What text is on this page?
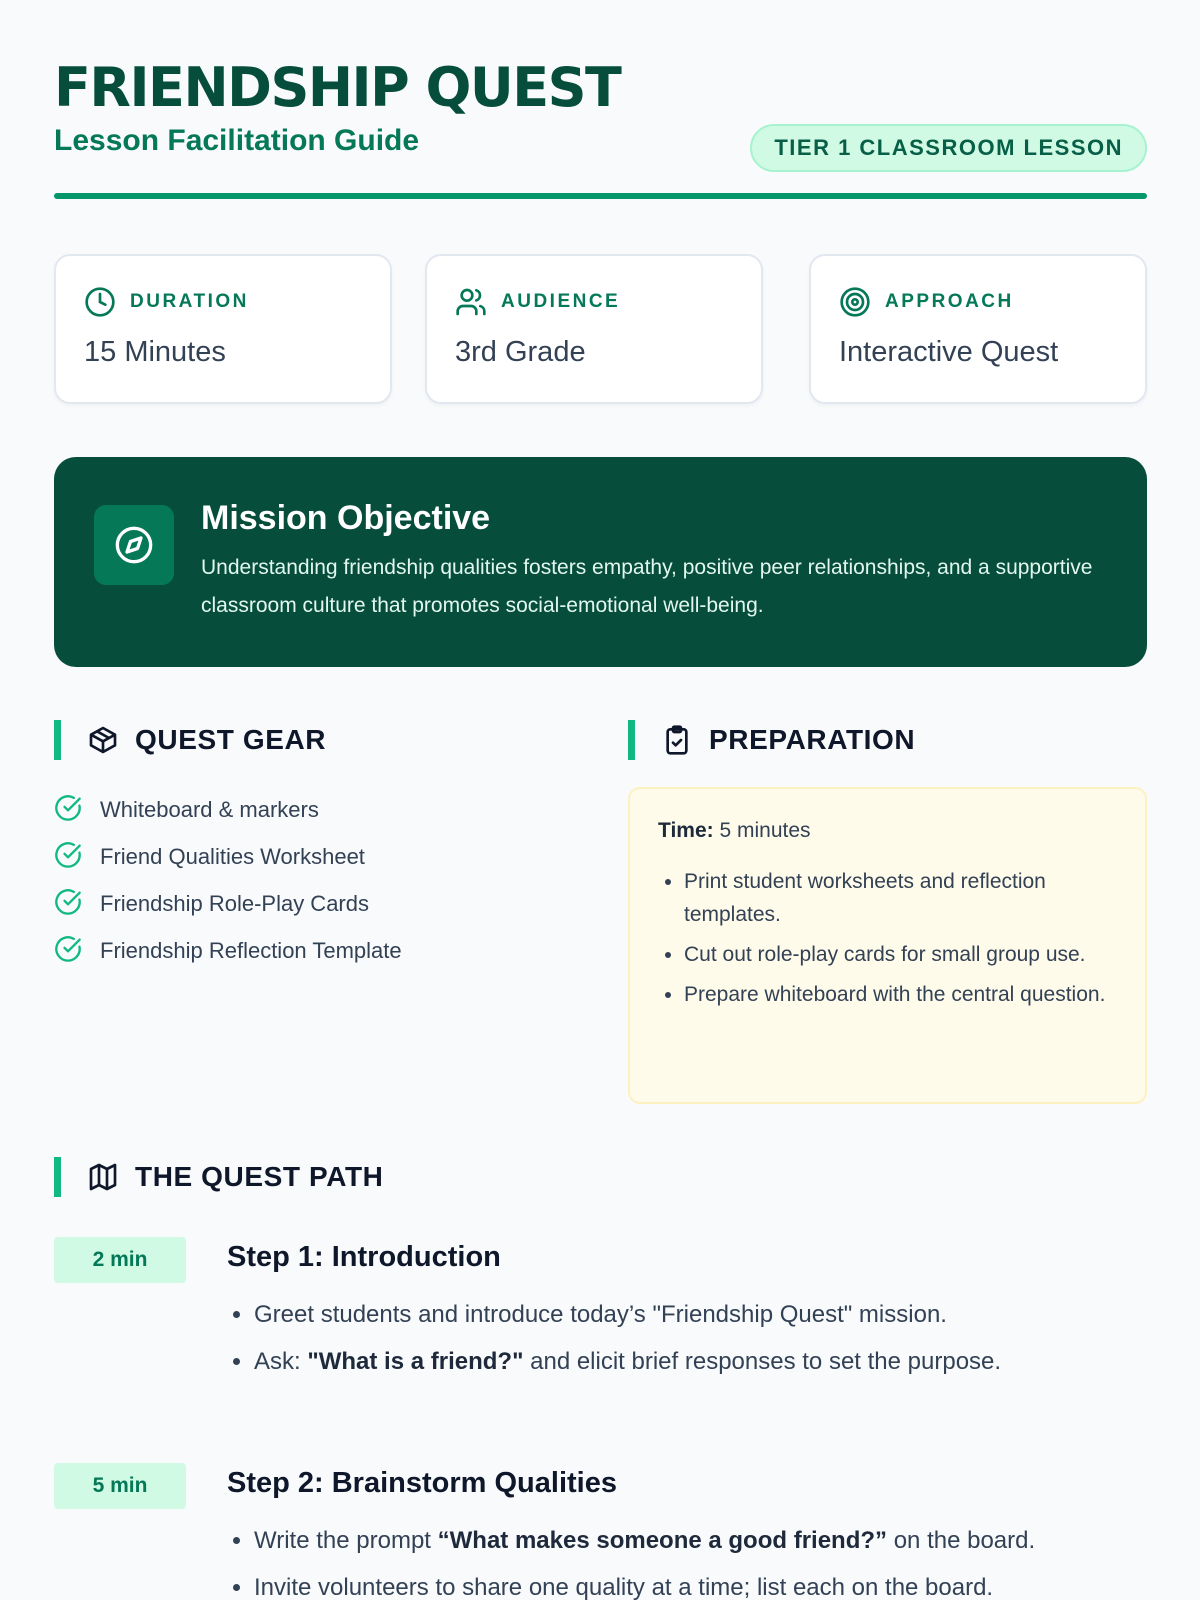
FRIENDSHIP QUEST
Lesson Facilitation Guide	TIER 1 CLASSROOM LESSON
DURATION
15 Minutes
AUDIENCE
3rd Grade
APPROACH
Interactive Quest
Mission Objective
Understanding friendship qualities fosters empathy, positive peer relationships, and a supportive classroom culture that promotes social-emotional well-being.
QUEST GEAR
Whiteboard & markers
Friend Qualities Worksheet
Friendship Role-Play Cards
Friendship Reflection Template
PREPARATION
Time: 5 minutes
• Print student worksheets and reflection templates.
• Cut out role-play cards for small group use.
• Prepare whiteboard with the central question.
THE QUEST PATH
2 min	Step 1: Introduction
• Greet students and introduce today’s "Friendship Quest" mission.
• Ask: "What is a friend?" and elicit brief responses to set the purpose.
5 min	Step 2: Brainstorm Qualities
• Write the prompt “What makes someone a good friend?” on the board.
• Invite volunteers to share one quality at a time; list each on the board.
